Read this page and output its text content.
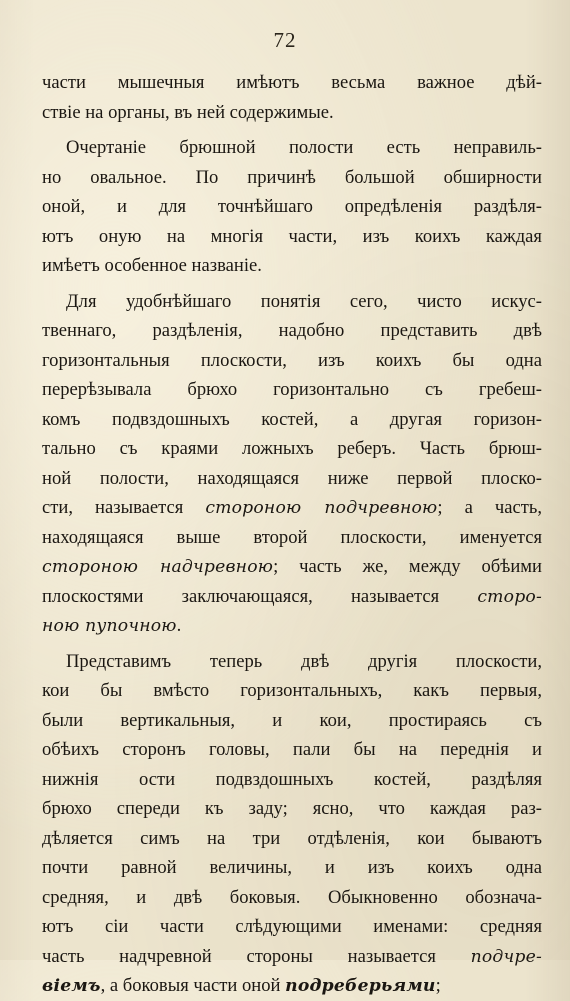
72
части мышечныя имѣютъ весьма важное дѣй-
ствіе на органы, въ ней содержимые.
Очертаніе брюшной полости есть неправиль-
но овальное. По причинѣ большой обширности
оной, и для точнѣйшаго опредѣленія раздѣля-
ютъ оную на многія части, изъ коихъ каждая
имѣетъ особенное названіе.
Для удобнѣйшаго понятія сего, чисто искус-
твеннаго, раздѣленія, надобно представить двѣ
горизонтальныя плоскости, изъ коихъ бы одна
перерѣзывала брюхо горизонтально съ гребеш-
комъ подвздошныхъ костей, а другая горизон-
тально съ краями ложныхъ реберъ. Часть брюш-
ной полости, находящаяся ниже первой плоско-
сти, называется стороною подчревною; а часть,
находящаяся выше второй плоскости, именуется
стороною надчревною; часть же, между обѣими
плоскостями заключающаяся, называется сторо-
ною пупочною.
Представимъ теперь двѣ другія плоскости,
кои бы вмѣсто горизонтальныхъ, какъ первыя,
были вертикальныя, и кои, простираясь съ
обѣихъ сторонъ головы, пали бы на переднія и
нижнія ости подвздошныхъ костей, раздѣляя
брюхо спереди къ заду; ясно, что каждая раз-
дѣляется симъ на три отдѣленія, кои бываютъ
почти равной величины, и изъ коихъ одна
средняя, и двѣ боковыя. Обыкновенно обознача-
ютъ сіи части слѣдующими именами: средняя
часть надчревной стороны называется подчре-
віемъ, а боковыя части оной подреберьями;
